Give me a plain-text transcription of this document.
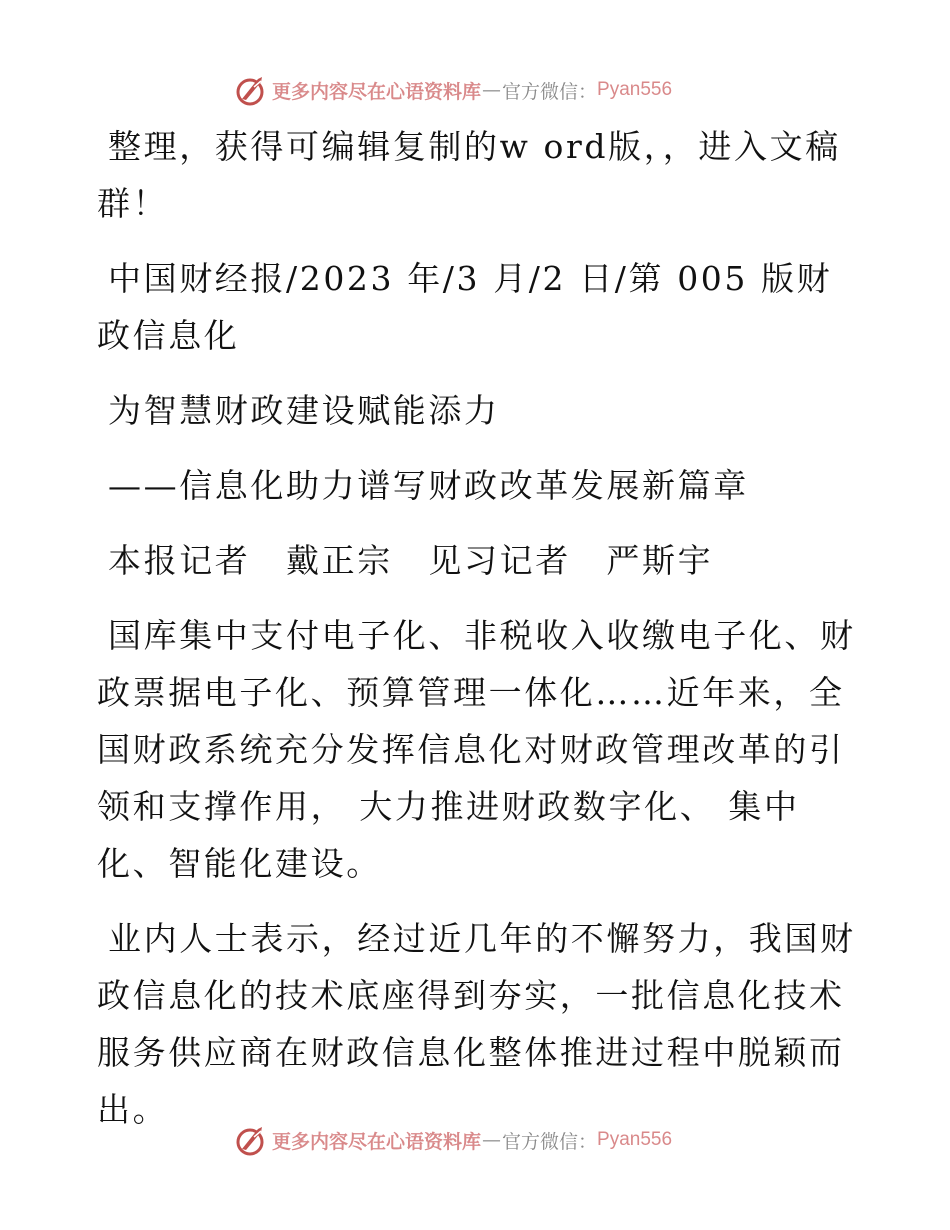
更多内容尽在心语资料库 — 官方微信： Pyan556

整理，获得可编辑复制的w ord版，，进入文稿群！

中国财经报/2023 年/3 月/2 日/第 005 版财政信息化

为智慧财政建设赋能添力

——信息化助力谱写财政改革发展新篇章

本报记者　戴正宗　见习记者　严斯宇

国库集中支付电子化、非税收入收缴电子化、财政票据电子化、预算管理一体化……近年来，全国财政系统充分发挥信息化对财政管理改革的引领和支撑作用， 大力推进财政数字化、 集中化、智能化建设。

业内人士表示，经过近几年的不懈努力，我国财政信息化的技术底座得到夯实，一批信息化技术服务供应商在财政信息化整体推进过程中脱颖而出。

更多内容尽在心语资料库 — 官方微信： Pyan556
